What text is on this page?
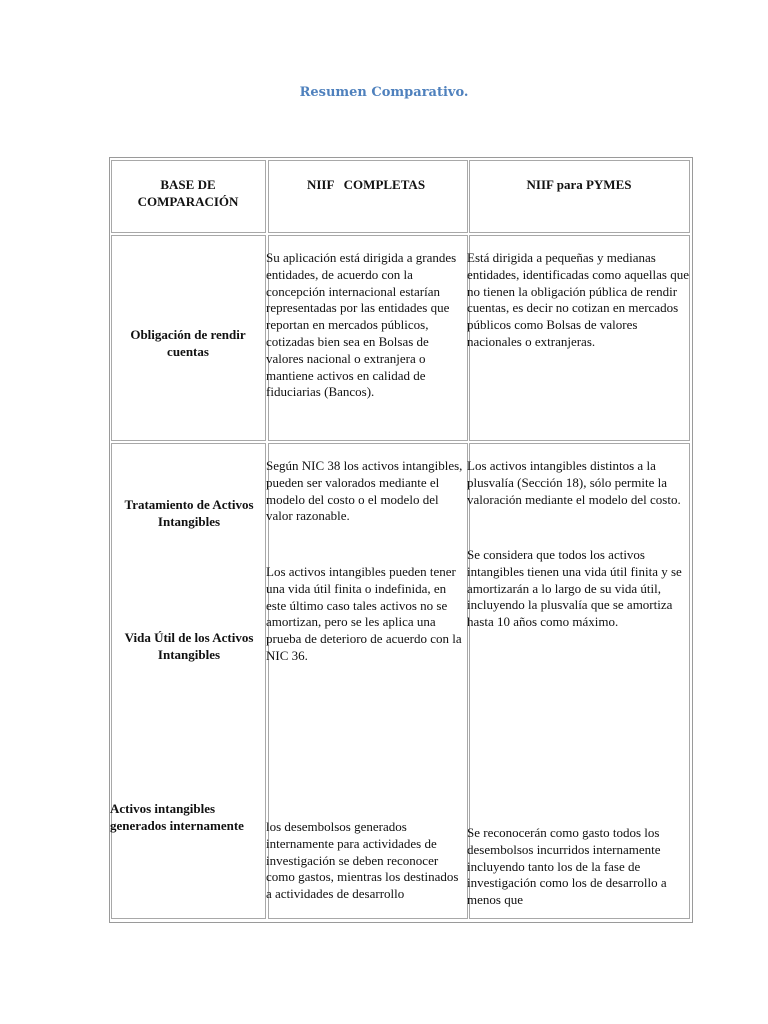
Resumen Comparativo.
BASE DE COMPARACIÓN
NIIF   COMPLETAS	NIIF para PYMES
Obligación de rendir cuentas
Su aplicación está dirigida a grandes entidades, de acuerdo con la concepción internacional estarían representadas por las entidades que reportan en mercados públicos, cotizadas bien sea en Bolsas de valores nacional o extranjera o mantiene activos en calidad de fiduciarias (Bancos).
Está dirigida a pequeñas y medianas entidades, identificadas como aquellas que no tienen la obligación pública de rendir cuentas, es decir no cotizan en mercados públicos como Bolsas de valores nacionales o extranjeras.
Tratamiento de Activos Intangibles
Según NIC 38 los activos intangibles, pueden ser valorados mediante el modelo del costo o el modelo del valor razonable.
Los activos intangibles distintos a la plusvalía (Sección 18), sólo permite la valoración mediante el modelo del costo.
Vida Útil de los Activos Intangibles
Los activos intangibles pueden tener una vida útil finita o indefinida, en este último caso tales activos no se amortizan, pero se les aplica una prueba de deterioro de acuerdo con la NIC 36.
Se considera que todos los activos intangibles tienen una vida útil finita y se amortizarán a lo largo de su vida útil, incluyendo la plusvalía que se amortiza hasta 10 años como máximo.
Activos intangibles generados internamente	los desembolsos generados internamente para actividades de investigación se deben reconocer como gastos, mientras los destinados a actividades de desarrollo
Se reconocerán como gasto todos los desembolsos incurridos internamente incluyendo tanto los de la fase de investigación como los de desarrollo a menos que
